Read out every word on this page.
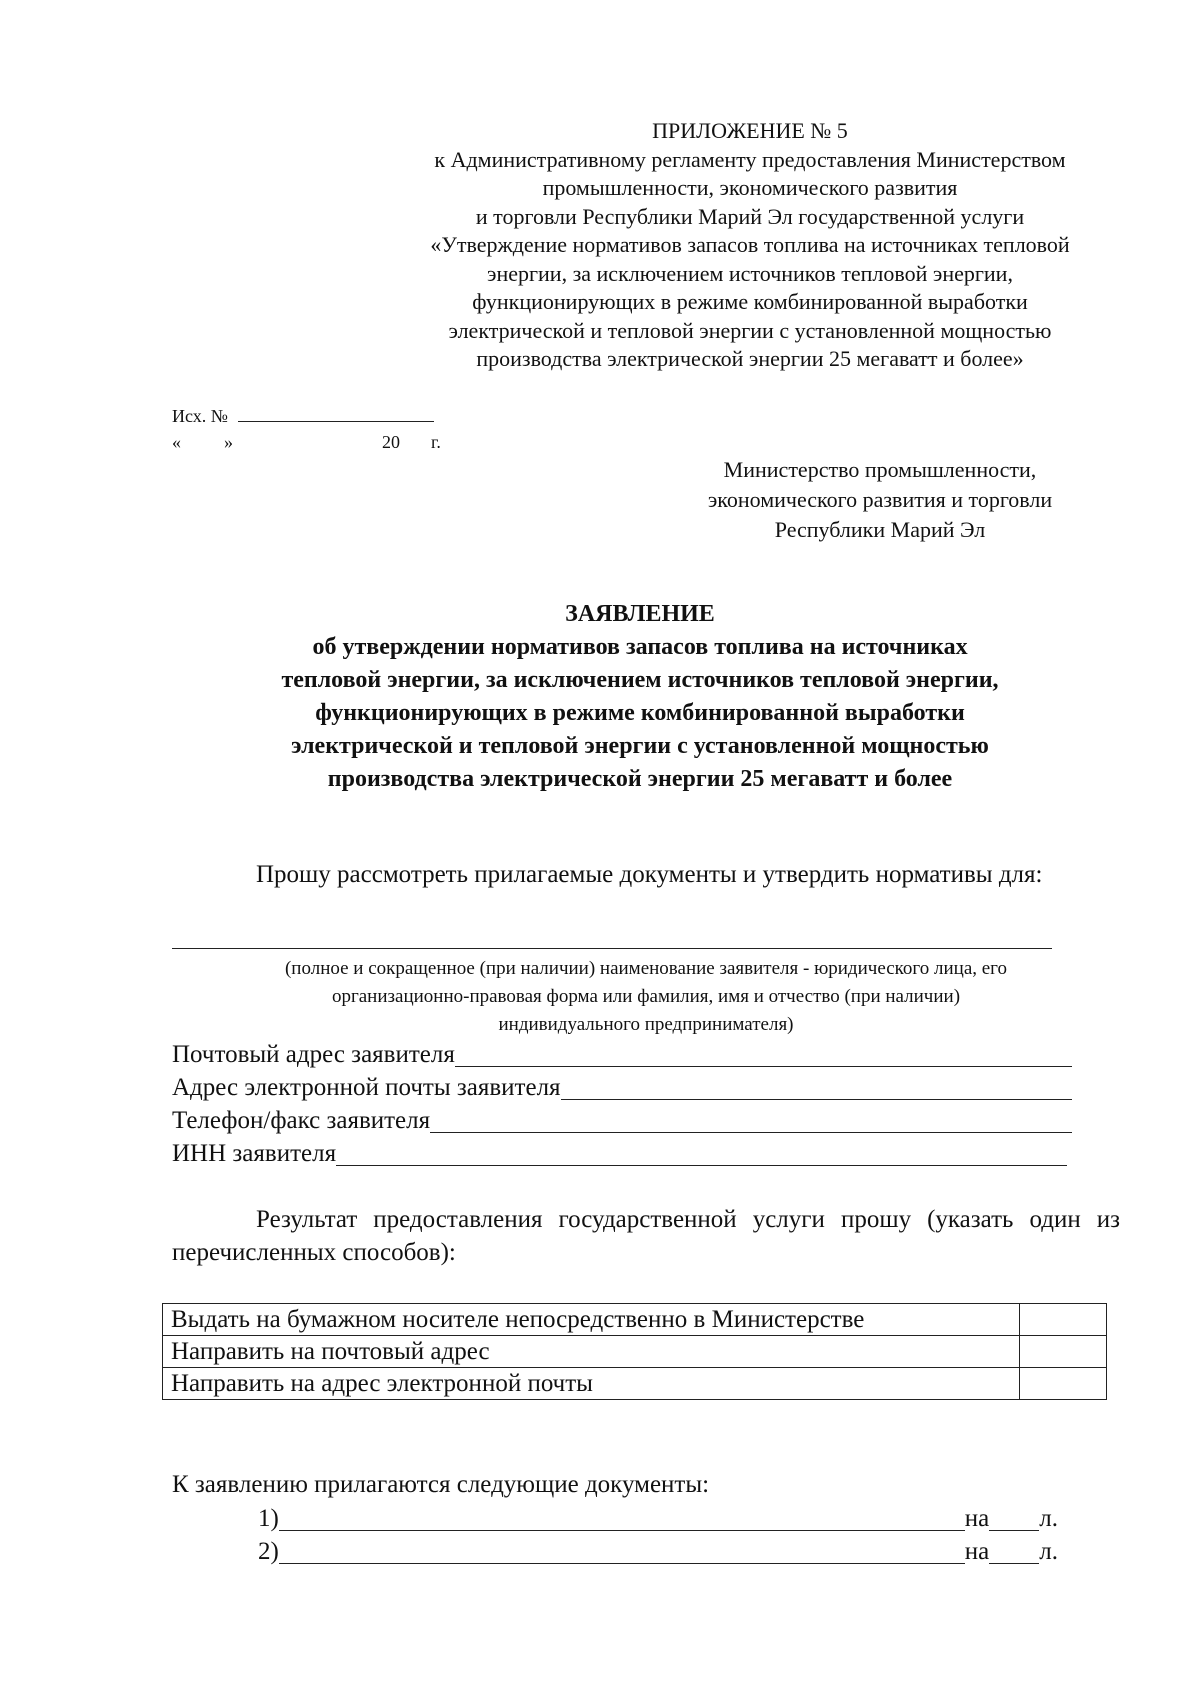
ПРИЛОЖЕНИЕ № 5
к Административному регламенту предоставления Министерством
промышленности, экономического развития
и торговли Республики Марий Эл государственной услуги
«Утверждение нормативов запасов топлива на источниках тепловой
энергии, за исключением источников тепловой энергии,
функционирующих в режиме комбинированной выработки
электрической и тепловой энергии с установленной мощностью
производства электрической энергии 25 мегаватт и более»
Исх. №
« »	20 г.
Министерство промышленности,
экономического развития и торговли
Республики Марий Эл
ЗАЯВЛЕНИЕ
об утверждении нормативов запасов топлива на источниках
тепловой энергии, за исключением источников тепловой энергии,
функционирующих в режиме комбинированной выработки
электрической и тепловой энергии с установленной мощностью
производства электрической энергии 25 мегаватт и более
Прошу рассмотреть прилагаемые документы и утвердить нормативы для:
(полное и сокращенное (при наличии) наименование заявителя - юридического лица, его
организационно-правовая форма или фамилия, имя и отчество (при наличии)
индивидуального предпринимателя)
Почтовый адрес заявителя
Адрес электронной почты заявителя
Телефон/факс заявителя
ИНН заявителя
Результат предоставления государственной услуги прошу (указать один из перечисленных способов):
Выдать на бумажном носителе непосредственно в Министерстве	
Направить на почтовый адрес	
Направить на адрес электронной почты	
К заявлению прилагаются следующие документы:
1)	на л.
2)	на л.
